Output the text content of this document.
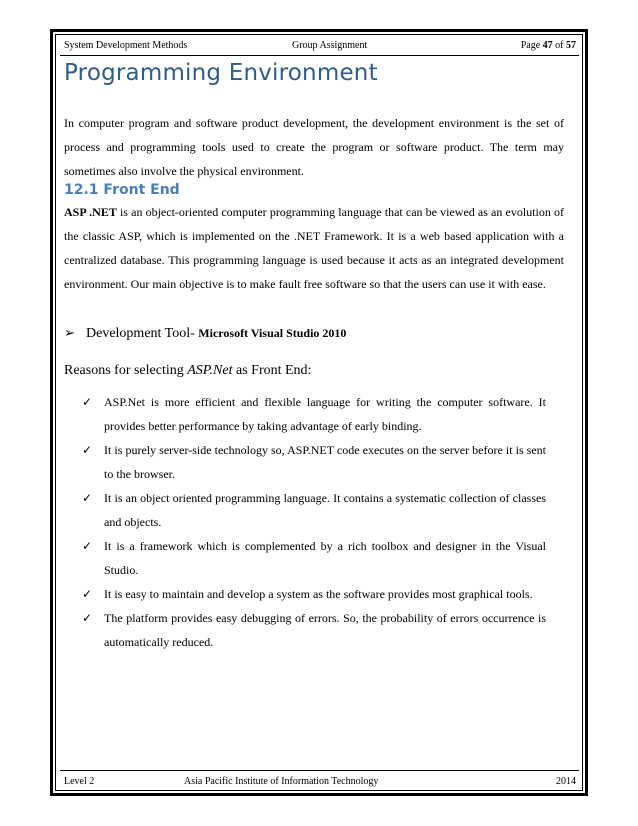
System Development Methods	Group Assignment	Page 47 of 57
Programming Environment

In computer program and software product development, the development environment is the set of process and programming tools used to create the program or software product. The term may sometimes also involve the physical environment.

12.1 Front End

ASP .NET is an object-oriented computer programming language that can be viewed as an evolution of the classic ASP, which is implemented on the .NET Framework. It is a web based application with a centralized database. This programming language is used because it acts as an integrated development environment. Our main objective is to make fault free software so that the users can use it with ease.

➢ Development Tool- Microsoft Visual Studio 2010
Reasons for selecting ASP.Net as Front End:
✓ ASP.Net is more efficient and flexible language for writing the computer software. It provides better performance by taking advantage of early binding.
✓ It is purely server-side technology so, ASP.NET code executes on the server before it is sent to the browser.
✓ It is an object oriented programming language. It contains a systematic collection of classes and objects.
✓ It is a framework which is complemented by a rich toolbox and designer in the Visual Studio.
✓ It is easy to maintain and develop a system as the software provides most graphical tools.
✓ The platform provides easy debugging of errors. So, the probability of errors occurrence is automatically reduced.
Level 2	Asia Pacific Institute of Information Technology	2014
